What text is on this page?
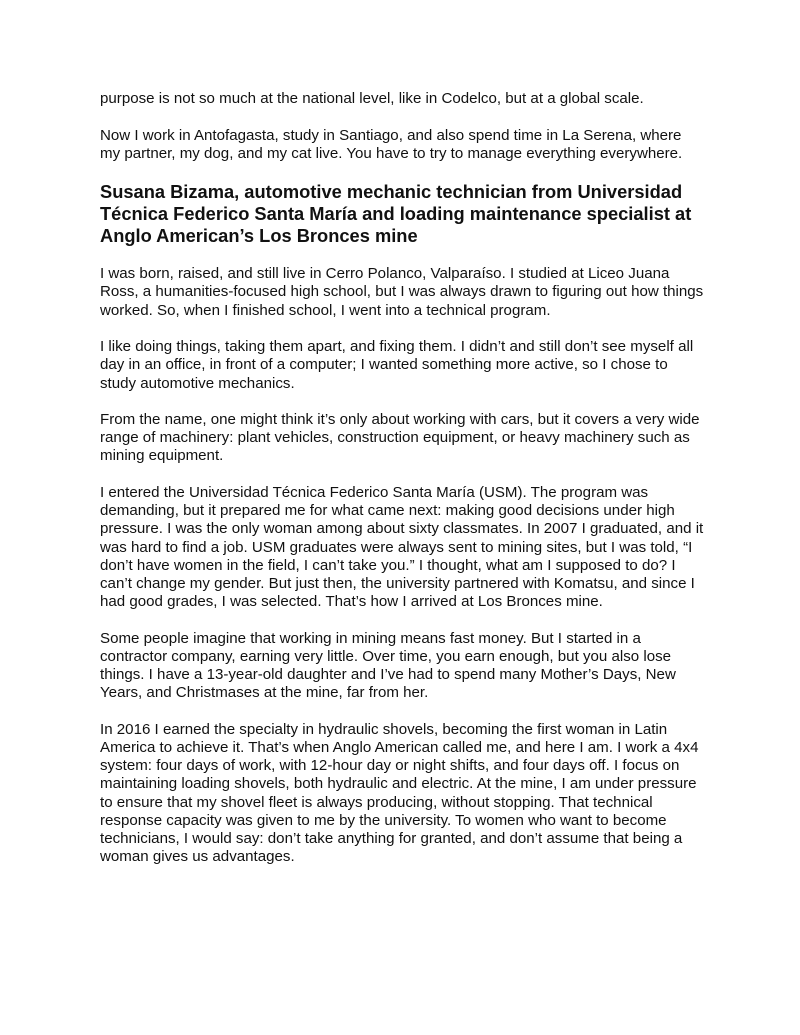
purpose is not so much at the national level, like in Codelco, but at a global scale.

Now I work in Antofagasta, study in Santiago, and also spend time in La Serena, where my partner, my dog, and my cat live. You have to try to manage everything everywhere.

Susana Bizama, automotive mechanic technician from Universidad Técnica Federico Santa María and loading maintenance specialist at Anglo American’s Los Bronces mine

I was born, raised, and still live in Cerro Polanco, Valparaíso. I studied at Liceo Juana Ross, a humanities-focused high school, but I was always drawn to figuring out how things worked. So, when I finished school, I went into a technical program.

I like doing things, taking them apart, and fixing them. I didn’t and still don’t see myself all day in an office, in front of a computer; I wanted something more active, so I chose to study automotive mechanics.

From the name, one might think it’s only about working with cars, but it covers a very wide range of machinery: plant vehicles, construction equipment, or heavy machinery such as mining equipment.

I entered the Universidad Técnica Federico Santa María (USM). The program was demanding, but it prepared me for what came next: making good decisions under high pressure. I was the only woman among about sixty classmates. In 2007 I graduated, and it was hard to find a job. USM graduates were always sent to mining sites, but I was told, “I don’t have women in the field, I can’t take you.” I thought, what am I supposed to do? I can’t change my gender. But just then, the university partnered with Komatsu, and since I had good grades, I was selected. That’s how I arrived at Los Bronces mine.

Some people imagine that working in mining means fast money. But I started in a contractor company, earning very little. Over time, you earn enough, but you also lose things. I have a 13-year-old daughter and I’ve had to spend many Mother’s Days, New Years, and Christmases at the mine, far from her.

In 2016 I earned the specialty in hydraulic shovels, becoming the first woman in Latin America to achieve it. That’s when Anglo American called me, and here I am. I work a 4x4 system: four days of work, with 12-hour day or night shifts, and four days off. I focus on maintaining loading shovels, both hydraulic and electric. At the mine, I am under pressure to ensure that my shovel fleet is always producing, without stopping. That technical response capacity was given to me by the university. To women who want to become technicians, I would say: don’t take anything for granted, and don’t assume that being a woman gives us advantages.
